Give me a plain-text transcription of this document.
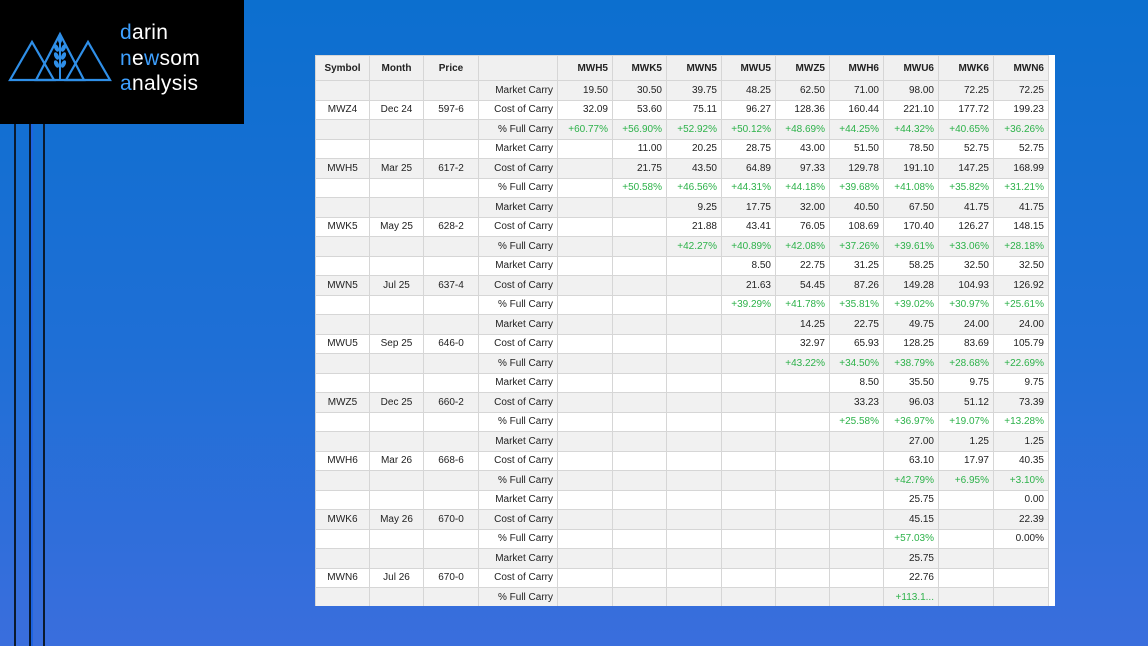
darin
newsom
analysis
Symbol	Month	Price		MWH5	MWK5	MWN5	MWU5	MWZ5	MWH6	MWU6	MWK6	MWN6
			Market Carry	19.50	30.50	39.75	48.25	62.50	71.00	98.00	72.25	72.25
MWZ4	Dec 24	597-6	Cost of Carry	32.09	53.60	75.11	96.27	128.36	160.44	221.10	177.72	199.23
			% Full Carry	+60.77%	+56.90%	+52.92%	+50.12%	+48.69%	+44.25%	+44.32%	+40.65%	+36.26%
			Market Carry		11.00	20.25	28.75	43.00	51.50	78.50	52.75	52.75
MWH5	Mar 25	617-2	Cost of Carry		21.75	43.50	64.89	97.33	129.78	191.10	147.25	168.99
			% Full Carry		+50.58%	+46.56%	+44.31%	+44.18%	+39.68%	+41.08%	+35.82%	+31.21%
			Market Carry			9.25	17.75	32.00	40.50	67.50	41.75	41.75
MWK5	May 25	628-2	Cost of Carry			21.88	43.41	76.05	108.69	170.40	126.27	148.15
			% Full Carry			+42.27%	+40.89%	+42.08%	+37.26%	+39.61%	+33.06%	+28.18%
			Market Carry				8.50	22.75	31.25	58.25	32.50	32.50
MWN5	Jul 25	637-4	Cost of Carry				21.63	54.45	87.26	149.28	104.93	126.92
			% Full Carry				+39.29%	+41.78%	+35.81%	+39.02%	+30.97%	+25.61%
			Market Carry					14.25	22.75	49.75	24.00	24.00
MWU5	Sep 25	646-0	Cost of Carry					32.97	65.93	128.25	83.69	105.79
			% Full Carry					+43.22%	+34.50%	+38.79%	+28.68%	+22.69%
			Market Carry						8.50	35.50	9.75	9.75
MWZ5	Dec 25	660-2	Cost of Carry						33.23	96.03	51.12	73.39
			% Full Carry						+25.58%	+36.97%	+19.07%	+13.28%
			Market Carry							27.00	1.25	1.25
MWH6	Mar 26	668-6	Cost of Carry							63.10	17.97	40.35
			% Full Carry							+42.79%	+6.95%	+3.10%
			Market Carry							25.75		0.00
MWK6	May 26	670-0	Cost of Carry							45.15		22.39
			% Full Carry							+57.03%		0.00%
			Market Carry							25.75		
MWN6	Jul 26	670-0	Cost of Carry							22.76		
			% Full Carry							+113.1...		
